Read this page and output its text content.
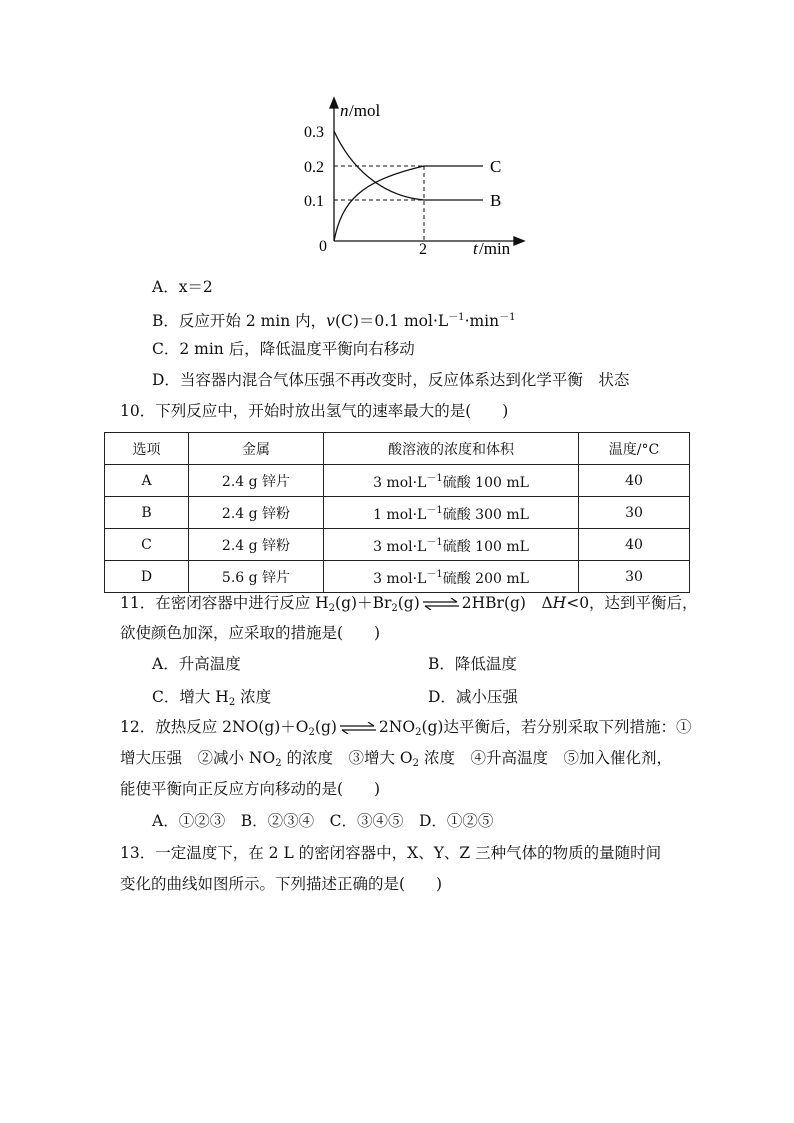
n /mol
0.3
0.2
0.1
0	2	t /min
C
B
A．x＝2
B．反应开始 2 min 内，v(C)＝0.1 $mol\cdot L^{-1}\cdot\min^{-1}$
C．2 min 后，降低温度平衡向右移动
D．当容器内混合气体压强不再改变时，反应体系达到化学平衡　状态
10．下列反应中，开始时放出氢气的速率最大的是(　　)
选项	金属	酸溶液的浓度和体积	温度/°C
A	2.4 g 锌片	3 $mol\cdot L^{-1}$硫酸 100 mL	40
B	2.4 g 锌粉	1 $mol\cdot L^{-1}$硫酸 300 mL	30
C	2.4 g 锌粉	3 $mol\cdot L^{-1}$硫酸 100 mL	40
D	5.6 g 锌片	3 $mol\cdot L^{-1}$硫酸 200 mL	30
11．在密闭容器中进行反应 $H_2(g)+Br_2(g)$ ⇌ 2HBr(g)　ΔH<0，达到平衡后，
欲使颜色加深，应采取的措施是(　　)
A．升高温度	B．降低温度
C．增大 $H_2$ 浓度	D．减小压强
12．放热反应 $2NO(g)+O_2(g)$ ⇌ $2NO_2(g)$达平衡后，若分别采取下列措施：①
增大压强　②减小 $NO_2$ 的浓度　③增大 $O_2$ 浓度　④升高温度　⑤加入催化剂，
能使平衡向正反应方向移动的是(　　)
A．①②③　B．②③④　C．③④⑤　D．①②⑤
13．一定温度下，在 2 L 的密闭容器中，X、Y、Z 三种气体的物质的量随时间
变化的曲线如图所示。下列描述正确的是(　　)
